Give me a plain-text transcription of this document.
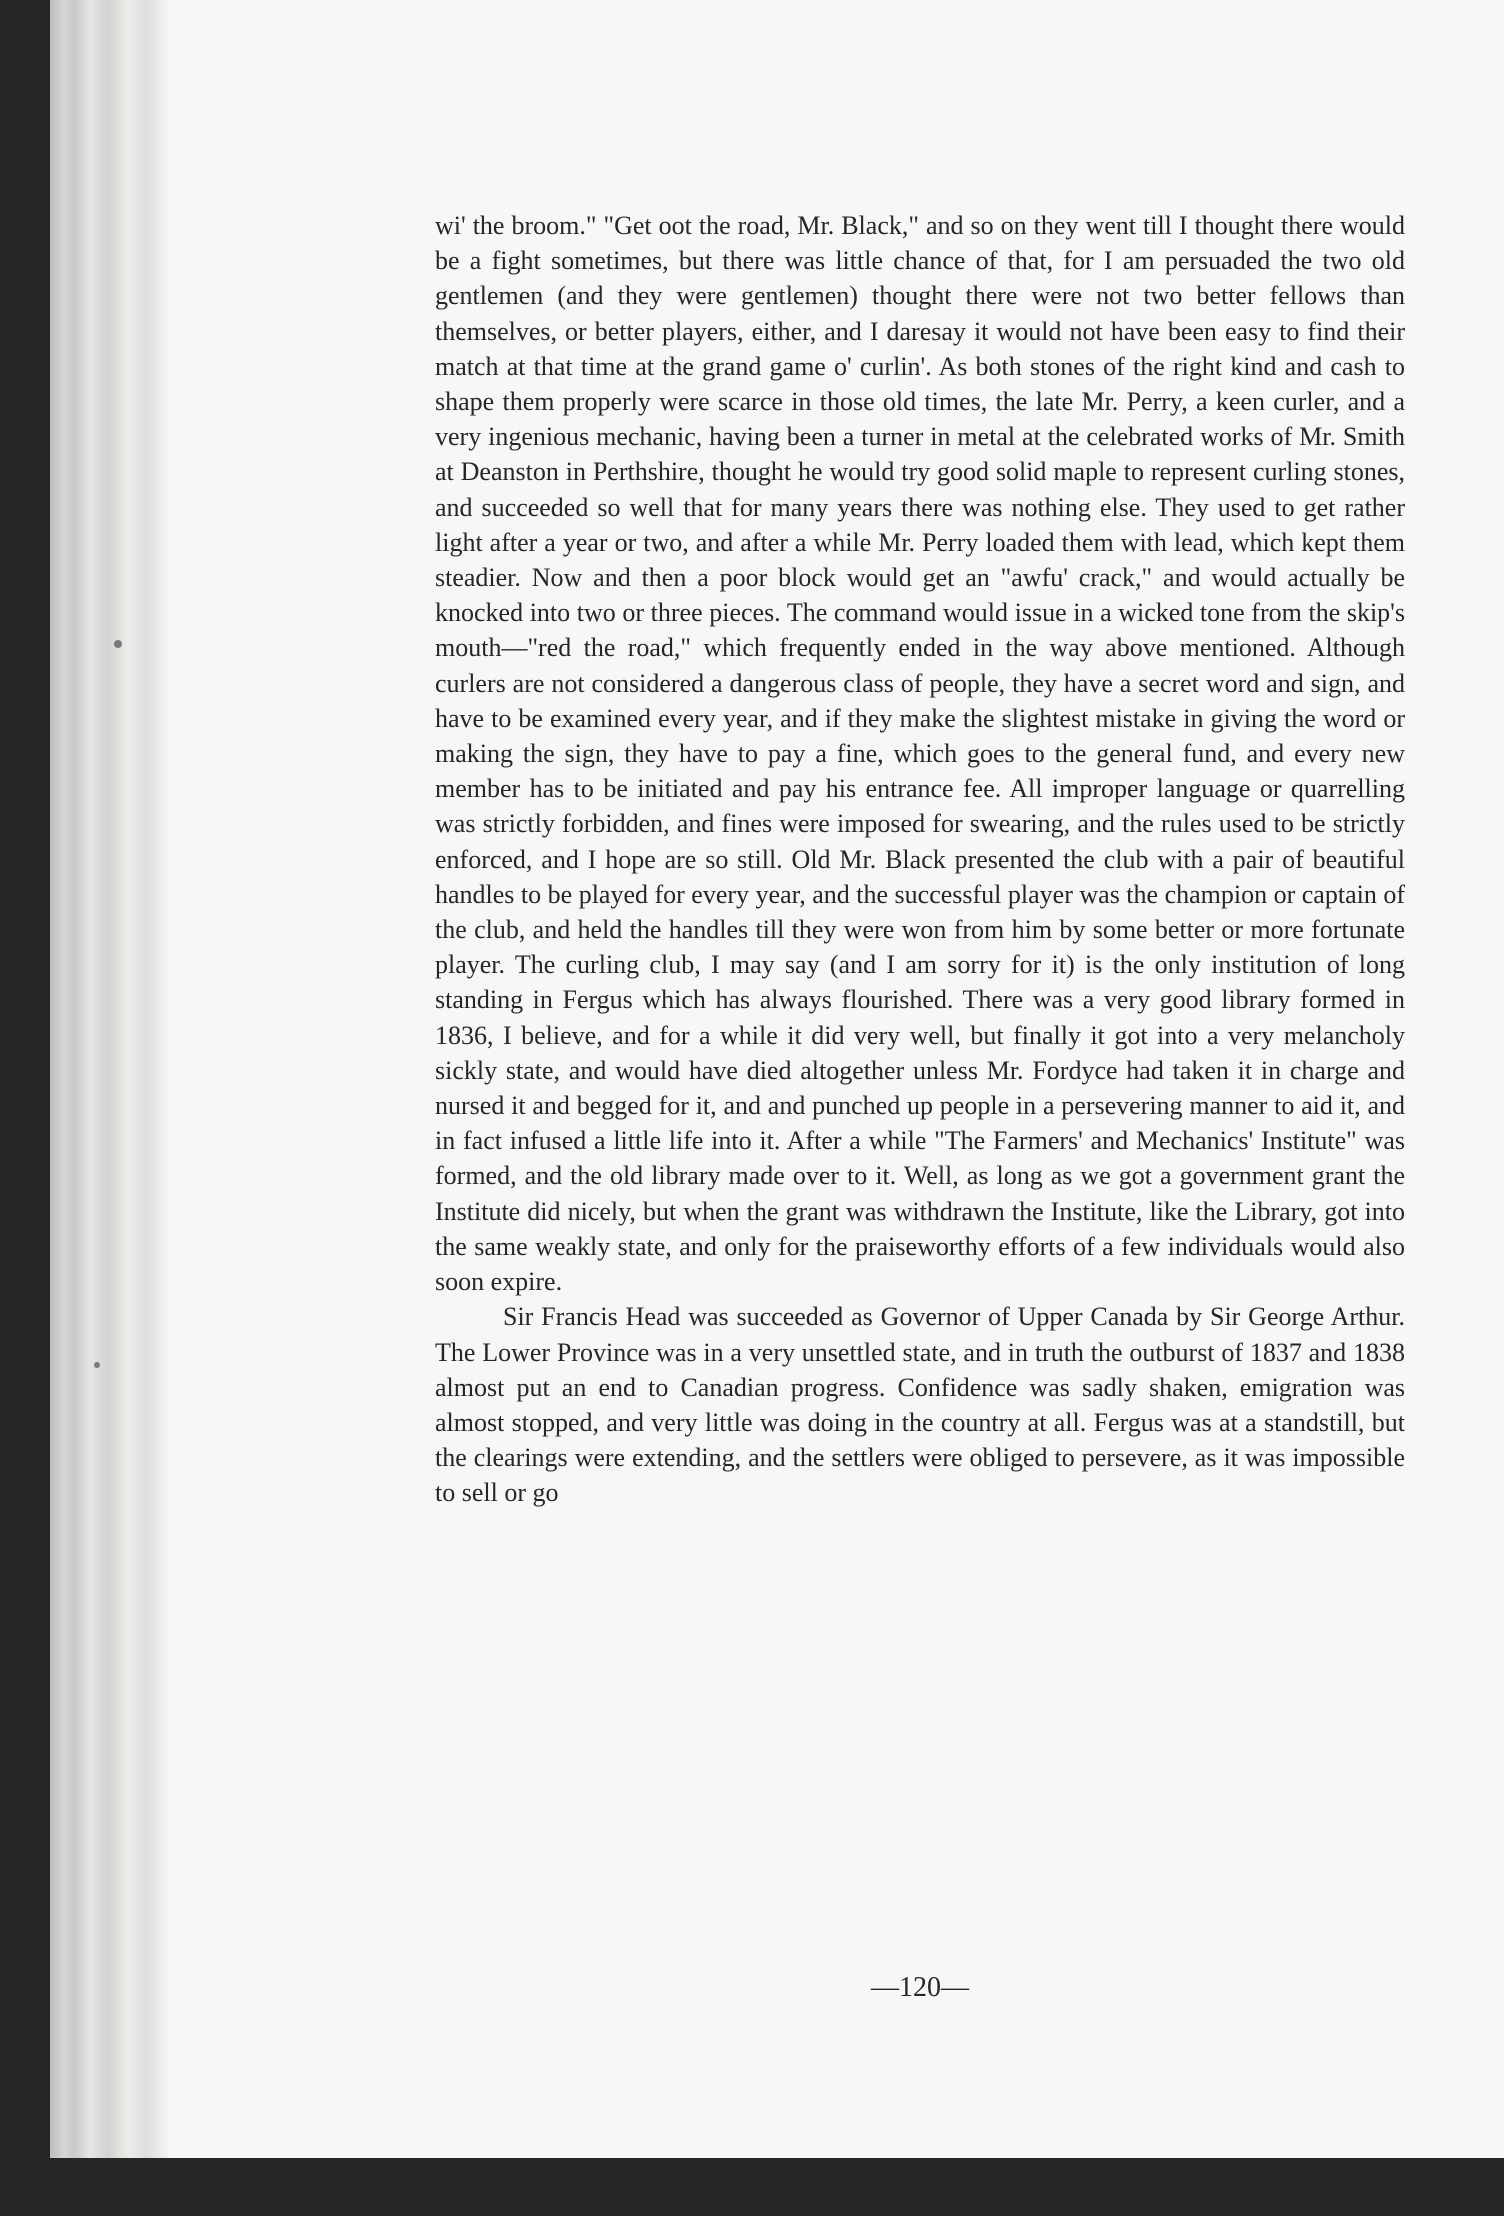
wi' the broom." "Get oot the road, Mr. Black," and so on they went till I thought there would be a fight sometimes, but there was little chance of that, for I am persuaded the two old gentlemen (and they were gentlemen) thought there were not two better fellows than themselves, or better players, either, and I daresay it would not have been easy to find their match at that time at the grand game o' curlin'. As both stones of the right kind and cash to shape them properly were scarce in those old times, the late Mr. Perry, a keen curler, and a very ingenious mechanic, having been a turner in metal at the celebrated works of Mr. Smith at Deanston in Perthshire, thought he would try good solid maple to represent curling stones, and succeeded so well that for many years there was nothing else. They used to get rather light after a year or two, and after a while Mr. Perry loaded them with lead, which kept them steadier. Now and then a poor block would get an "awfu' crack," and would actually be knocked into two or three pieces. The command would issue in a wicked tone from the skip's mouth—"red the road," which frequently ended in the way above mentioned. Although curlers are not considered a dangerous class of people, they have a secret word and sign, and have to be examined every year, and if they make the slightest mistake in giving the word or making the sign, they have to pay a fine, which goes to the general fund, and every new member has to be initiated and pay his entrance fee. All improper language or quarrelling was strictly forbidden, and fines were imposed for swearing, and the rules used to be strictly enforced, and I hope are so still. Old Mr. Black presented the club with a pair of beautiful handles to be played for every year, and the successful player was the champion or captain of the club, and held the handles till they were won from him by some better or more fortunate player. The curling club, I may say (and I am sorry for it) is the only institution of long standing in Fergus which has always flourished. There was a very good library formed in 1836, I believe, and for a while it did very well, but finally it got into a very melancholy sickly state, and would have died altogether unless Mr. Fordyce had taken it in charge and nursed it and begged for it, and and punched up people in a persevering manner to aid it, and in fact infused a little life into it. After a while "The Farmers' and Mechanics' Institute" was formed, and the old library made over to it. Well, as long as we got a government grant the Institute did nicely, but when the grant was withdrawn the Institute, like the Library, got into the same weakly state, and only for the praiseworthy efforts of a few individuals would also soon expire.

Sir Francis Head was succeeded as Governor of Upper Canada by Sir George Arthur. The Lower Province was in a very unsettled state, and in truth the outburst of 1837 and 1838 almost put an end to Canadian progress. Confidence was sadly shaken, emigration was almost stopped, and very little was doing in the country at all. Fergus was at a standstill, but the clearings were extending, and the settlers were obliged to persevere, as it was impossible to sell or go

—120—
